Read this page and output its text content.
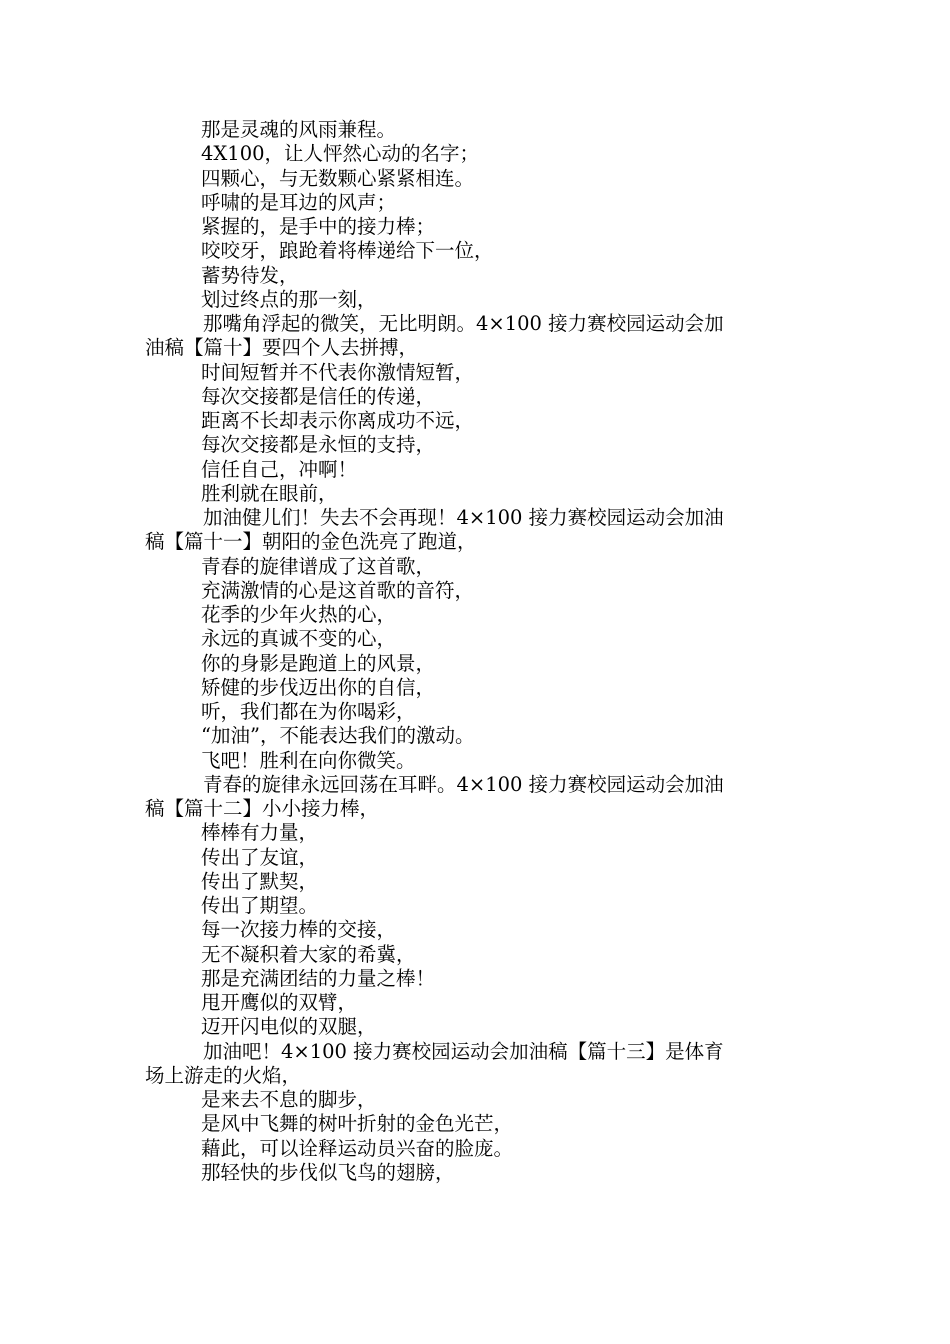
那是灵魂的风雨兼程。
4X100，让人怦然心动的名字；
四颗心，与无数颗心紧紧相连。
呼啸的是耳边的风声；
紧握的，是手中的接力棒；
咬咬牙，踉跄着将棒递给下一位，
蓄势待发，
划过终点的那一刻，
那嘴角浮起的微笑，无比明朗。4×100 接力赛校园运动会加
油稿【篇十】要四个人去拼搏，
时间短暂并不代表你激情短暂，
每次交接都是信任的传递，
距离不长却表示你离成功不远，
每次交接都是永恒的支持，
信任自己，冲啊！
胜利就在眼前，
加油健儿们！失去不会再现！4×100 接力赛校园运动会加油
稿【篇十一】朝阳的金色洗亮了跑道，
青春的旋律谱成了这首歌，
充满激情的心是这首歌的音符，
花季的少年火热的心，
永远的真诚不变的心，
你的身影是跑道上的风景，
矫健的步伐迈出你的自信，
听，我们都在为你喝彩，
“加油”，不能表达我们的激动。
飞吧！胜利在向你微笑。
青春的旋律永远回荡在耳畔。4×100 接力赛校园运动会加油
稿【篇十二】小小接力棒，
棒棒有力量，
传出了友谊，
传出了默契，
传出了期望。
每一次接力棒的交接，
无不凝积着大家的希冀，
那是充满团结的力量之棒！
甩开鹰似的双臂，
迈开闪电似的双腿，
加油吧！4×100 接力赛校园运动会加油稿【篇十三】是体育
场上游走的火焰，
是来去不息的脚步，
是风中飞舞的树叶折射的金色光芒，
藉此，可以诠释运动员兴奋的脸庞。
那轻快的步伐似飞鸟的翅膀，
